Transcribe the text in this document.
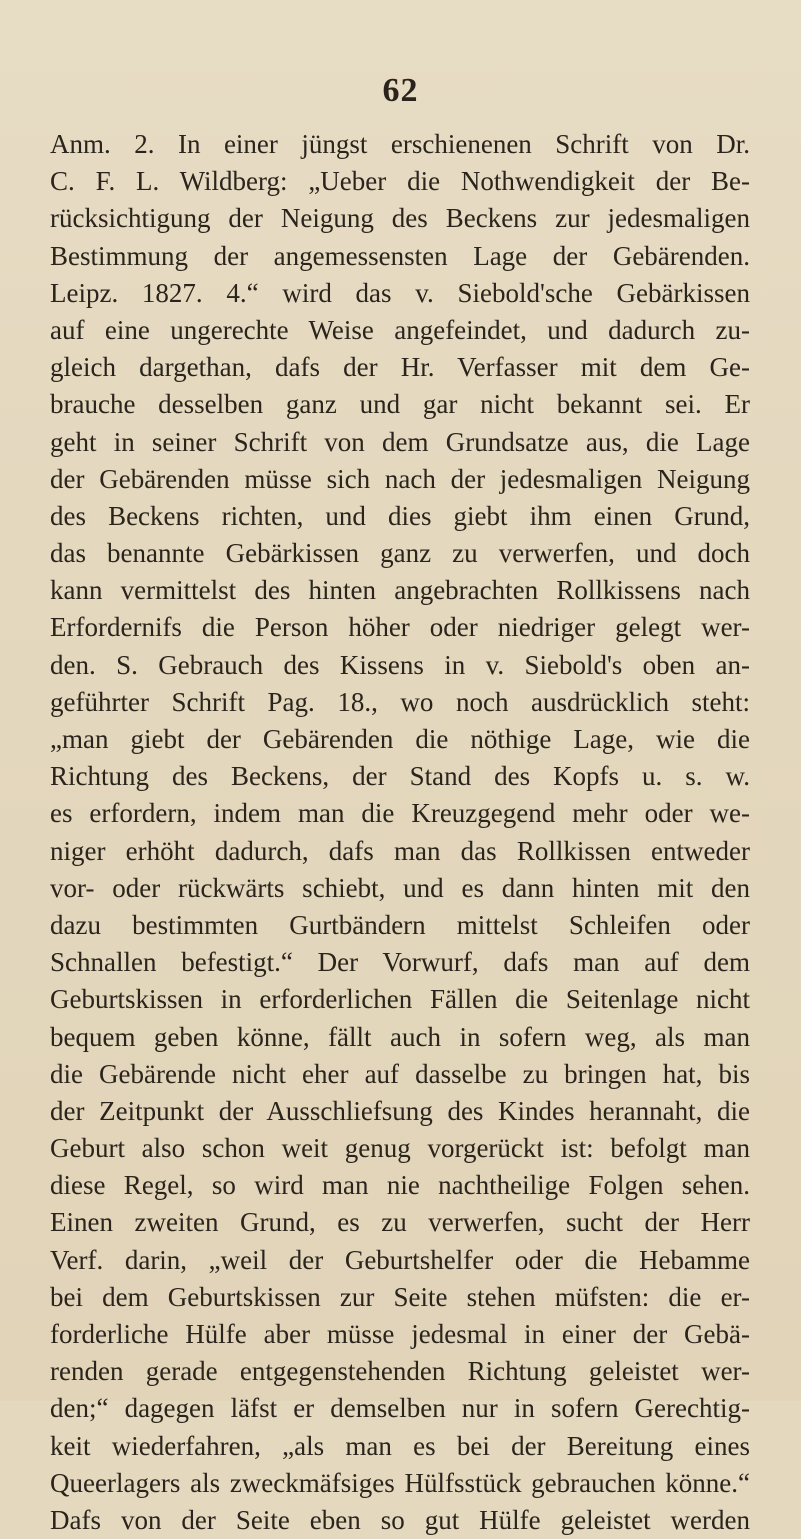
62
Anm. 2. In einer jüngst erschienenen Schrift von Dr.
C. F. L. Wildberg: „Ueber die Nothwendigkeit der Be-
rücksichtigung der Neigung des Beckens zur jedesmaligen
Bestimmung der angemessensten Lage der Gebärenden.
Leipz. 1827. 4.“ wird das v. Siebold'sche Gebärkissen
auf eine ungerechte Weise angefeindet, und dadurch zu-
gleich dargethan, dafs der Hr. Verfasser mit dem Ge-
brauche desselben ganz und gar nicht bekannt sei. Er
geht in seiner Schrift von dem Grundsatze aus, die Lage
der Gebärenden müsse sich nach der jedesmaligen Neigung
des Beckens richten, und dies giebt ihm einen Grund,
das benannte Gebärkissen ganz zu verwerfen, und doch
kann vermittelst des hinten angebrachten Rollkissens nach
Erfordernifs die Person höher oder niedriger gelegt wer-
den. S. Gebrauch des Kissens in v. Siebold's oben an-
geführter Schrift Pag. 18., wo noch ausdrücklich steht:
„man giebt der Gebärenden die nöthige Lage, wie die
Richtung des Beckens, der Stand des Kopfs u. s. w.
es erfordern, indem man die Kreuzgegend mehr oder we-
niger erhöht dadurch, dafs man das Rollkissen entweder
vor- oder rückwärts schiebt, und es dann hinten mit den
dazu bestimmten Gurtbändern mittelst Schleifen oder
Schnallen befestigt.“ Der Vorwurf, dafs man auf dem
Geburtskissen in erforderlichen Fällen die Seitenlage nicht
bequem geben könne, fällt auch in sofern weg, als man
die Gebärende nicht eher auf dasselbe zu bringen hat, bis
der Zeitpunkt der Ausschliefsung des Kindes herannaht, die
Geburt also schon weit genug vorgerückt ist: befolgt man
diese Regel, so wird man nie nachtheilige Folgen sehen.
Einen zweiten Grund, es zu verwerfen, sucht der Herr
Verf. darin, „weil der Geburtshelfer oder die Hebamme
bei dem Geburtskissen zur Seite stehen müfsten: die er-
forderliche Hülfe aber müsse jedesmal in einer der Gebä-
renden gerade entgegenstehenden Richtung geleistet wer-
den;“ dagegen läfst er demselben nur in sofern Gerechtig-
keit wiederfahren, „als man es bei der Bereitung eines
Queerlagers als zweckmäfsiges Hülfsstück gebrauchen könne.“
Dafs von der Seite eben so gut Hülfe geleistet werden
